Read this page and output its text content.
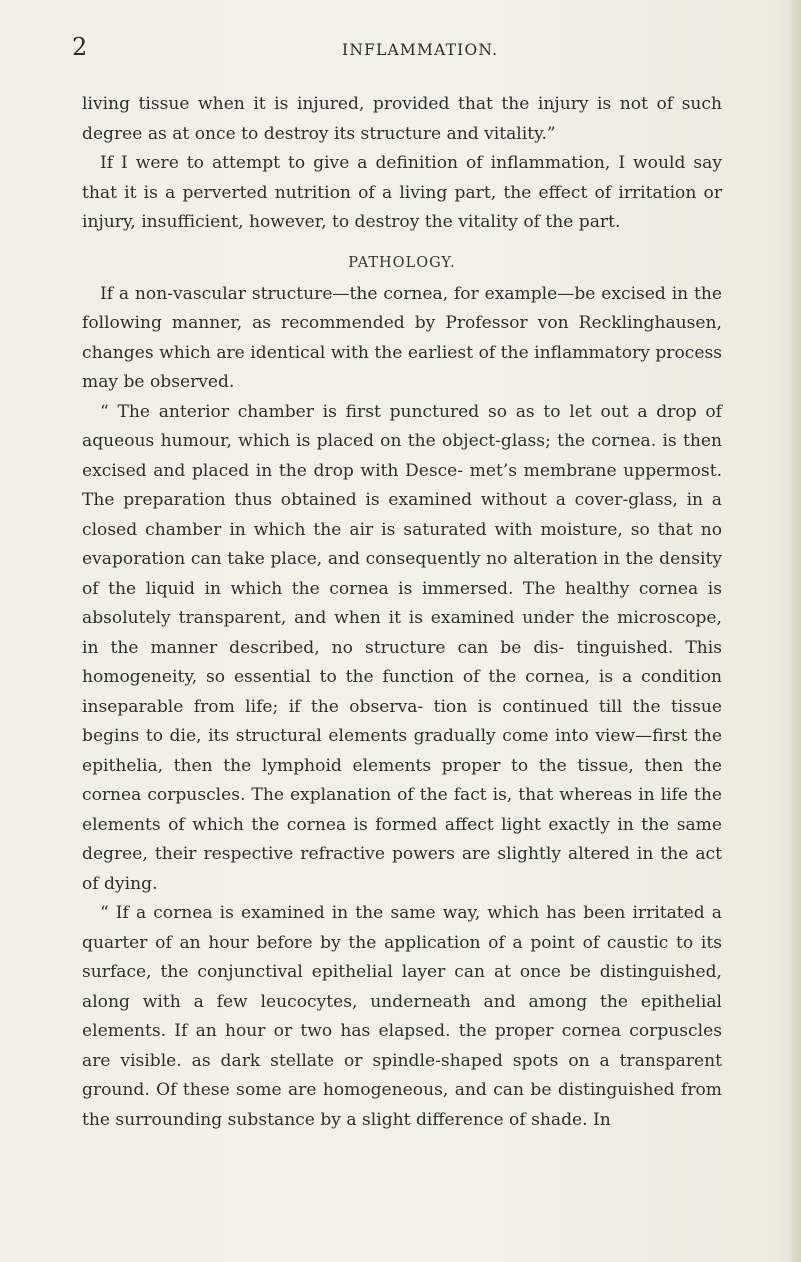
2	INFLAMMATION.

living tissue when it is injured, provided that the injury is not of such degree as at once to destroy its structure and vitality.”

If I were to attempt to give a definition of inflammation, I would say that it is a perverted nutrition of a living part, the effect of irritation or injury, insufficient, however, to destroy the vitality of the part.

PATHOLOGY.

If a non-vascular structure—the cornea, for example—be excised in the following manner, as recommended by Professor von Recklinghausen, changes which are identical with the earliest of the inflammatory process may be observed.

“ The anterior chamber is first punctured so as to let out a drop of aqueous humour, which is placed on the object-glass; the cornea. is then excised and placed in the drop with Desce- met’s membrane uppermost. The preparation thus obtained is examined without a cover-glass, in a closed chamber in which the air is saturated with moisture, so that no evaporation can take place, and consequently no alteration in the density of the liquid in which the cornea is immersed. The healthy cornea is absolutely transparent, and when it is examined under the microscope, in the manner described, no structure can be dis- tinguished. This homogeneity, so essential to the function of the cornea, is a condition inseparable from life; if the observa- tion is continued till the tissue begins to die, its structural elements gradually come into view—first the epithelia, then the lymphoid elements proper to the tissue, then the cornea corpuscles. The explanation of the fact is, that whereas in life the elements of which the cornea is formed affect light exactly in the same degree, their respective refractive powers are slightly altered in the act of dying.

“ If a cornea is examined in the same way, which has been irritated a quarter of an hour before by the application of a point of caustic to its surface, the conjunctival epithelial layer can at once be distinguished, along with a few leucocytes, underneath and among the epithelial elements. If an hour or two has elapsed. the proper cornea corpuscles are visible. as dark stellate or spindle-shaped spots on a transparent ground. Of these some are homogeneous, and can be distinguished from the surrounding substance by a slight difference of shade. In
